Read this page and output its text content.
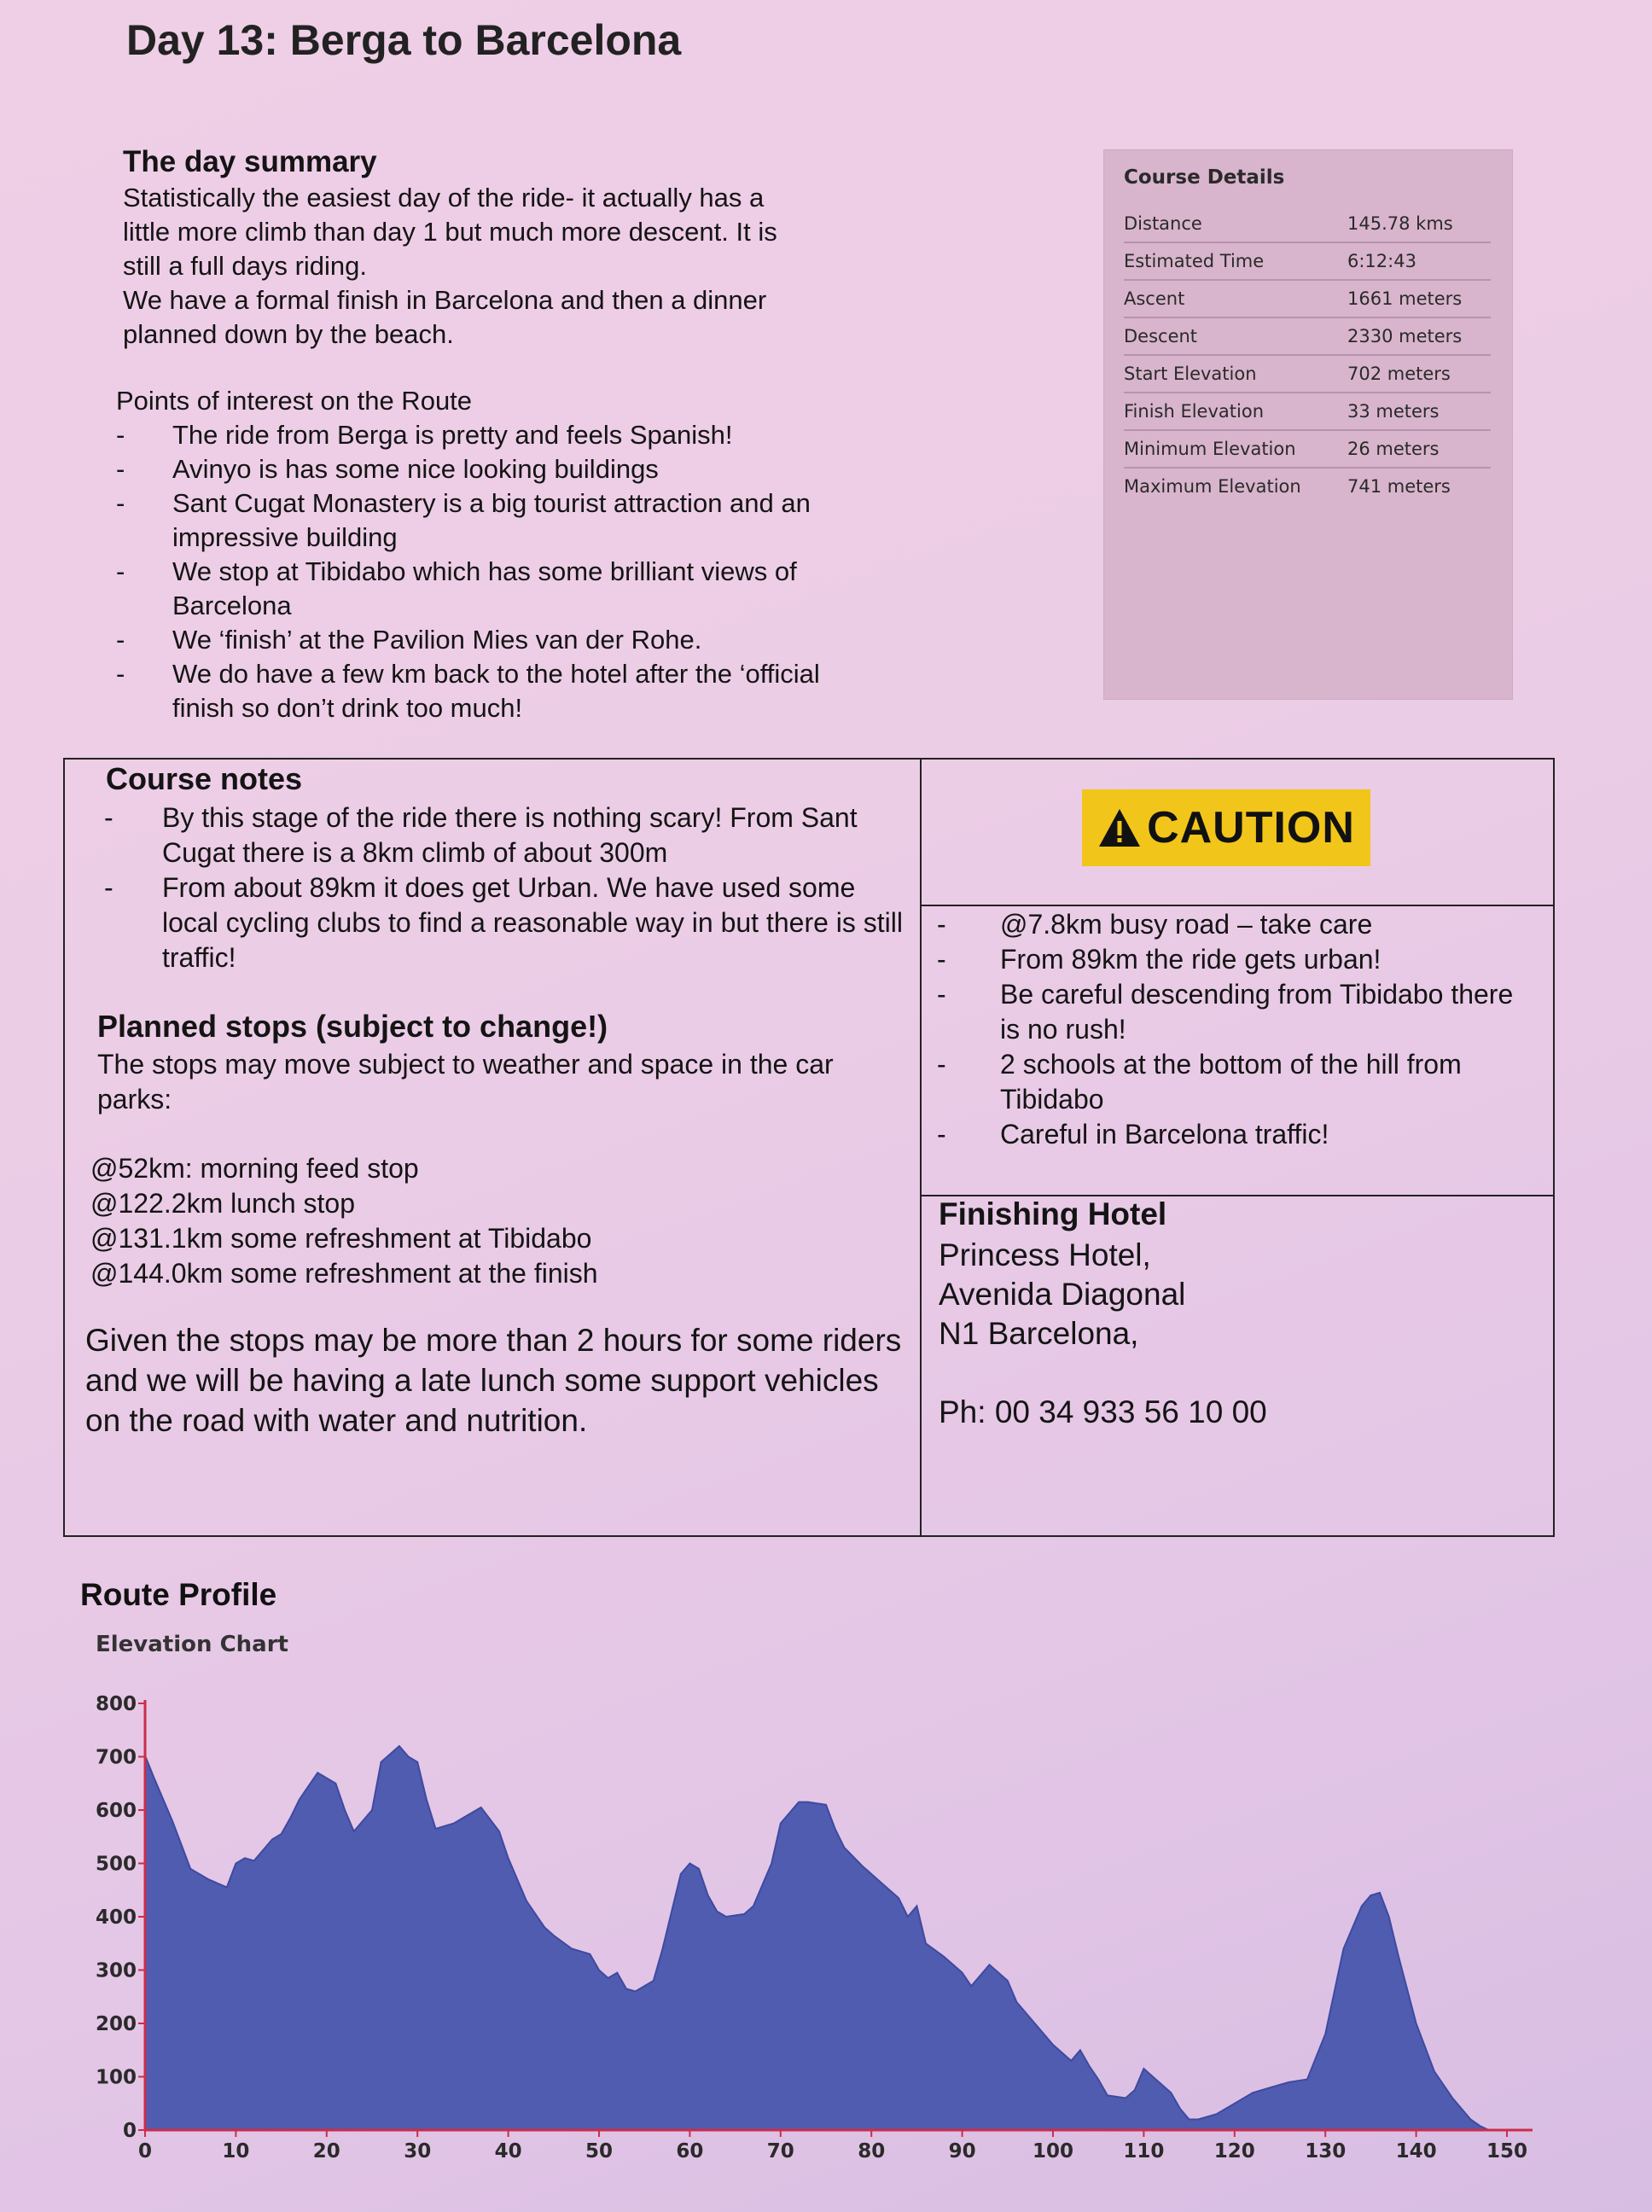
Day 13: Berga to Barcelona
The day summary

Statistically the easiest day of the ride- it actually has a

little more climb than day 1 but much more descent. It is

still a full days riding.

We have a formal finish in Barcelona and then a dinner

planned down by the beach.

Points of interest on the Route

- The ride from Berga is pretty and feels Spanish!
- Avinyo is has some nice looking buildings
- Sant Cugat Monastery is a big tourist attraction and an impressive building
- We stop at Tibidabo which has some brilliant views of Barcelona
- We ‘finish’ at the Pavilion Mies van der Rohe.
- We do have a few km back to the hotel after the ‘official finish so don’t drink too much!
Course Details
Distance	145.78 kms
Estimated Time	6:12:43
Ascent	1661 meters
Descent	2330 meters
Start Elevation	702 meters
Finish Elevation	33 meters
Minimum Elevation	26 meters
Maximum Elevation	741 meters
Course notes
- By this stage of the ride there is nothing scary! From Sant Cugat there is a 8km climb of about 300m
- From about 89km it does get Urban. We have used some local cycling clubs to find a reasonable way in but there is still traffic!

Planned stops (subject to change!)

The stops may move subject to weather and space in the car parks:

@52km: morning feed stop
@122.2km lunch stop
@131.1km some refreshment at Tibidabo
@144.0km some refreshment at the finish

Given the stops may be more than 2 hours for some riders and we will be having a late lunch some support vehicles on the road with water and nutrition.

CAUTION
- @7.8km busy road – take care
- From 89km the ride gets urban!
- Be careful descending from Tibidabo there is no rush!
- 2 schools at the bottom of the hill from Tibidabo
- Careful in Barcelona traffic!
Finishing Hotel
Princess Hotel,
Avenida Diagonal
N1 Barcelona,
Ph: 00 34 933 56 10 00
Route Profile
Elevation Chart
0
100
200
300
400
500
600
700
800
0	10	20	30	40	50	60	70	80	90	100	110	120	130	140	150
